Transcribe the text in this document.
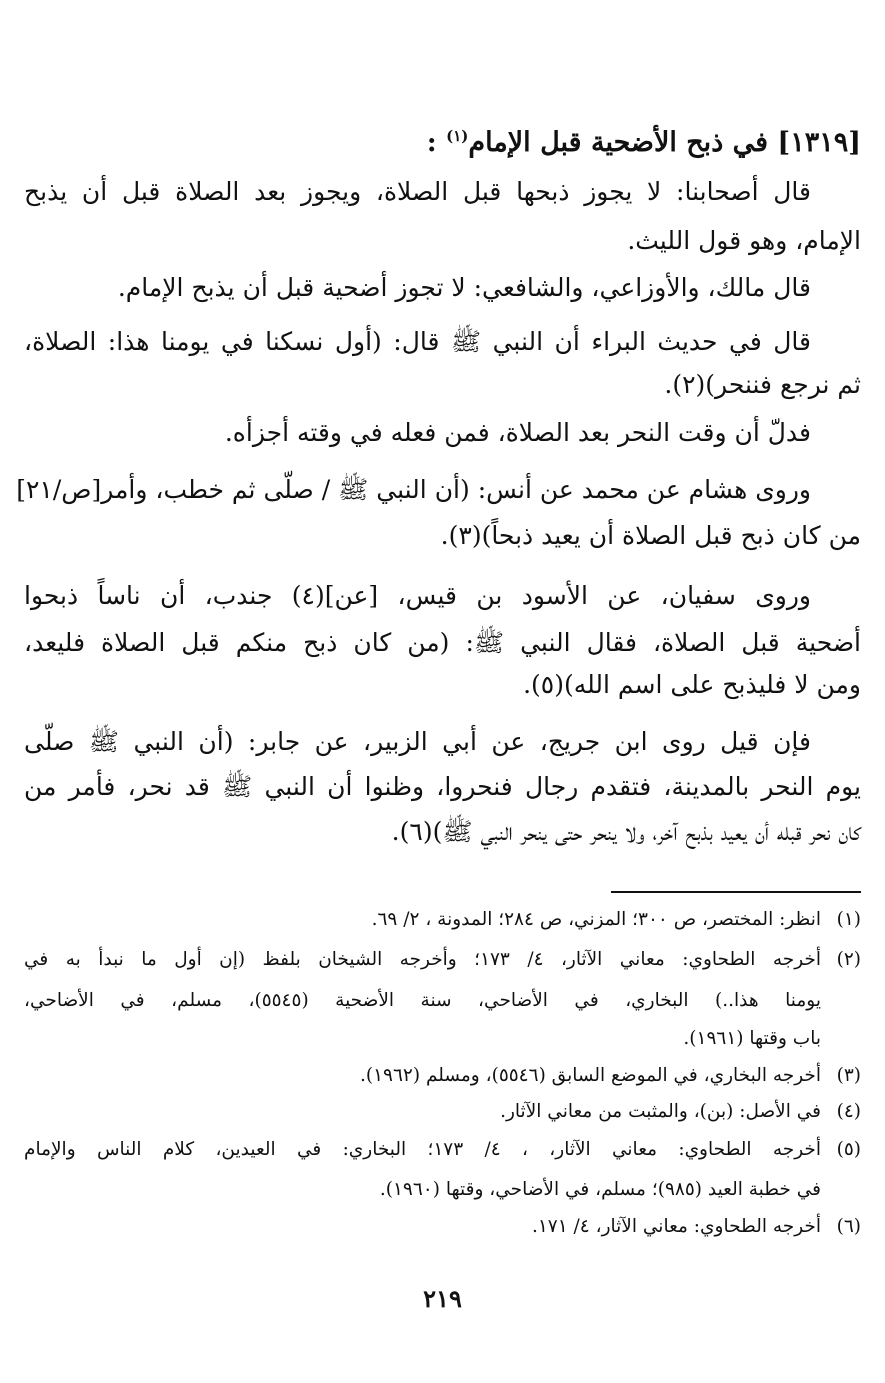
[١٣١٩] في ذبح الأضحية قبل الإمام$^{(١)}$ :
قال أصحابنا: لا يجوز ذبحها قبل الصلاة، ويجوز بعد الصلاة قبل أن يذبح
الإمام، وهو قول الليث.
قال مالك، والأوزاعي، والشافعي: لا تجوز أضحية قبل أن يذبح الإمام.
قال في حديث البراء أن النبي ﷺ قال: (أول نسكنا في يومنا هذا: الصلاة،
ثم نرجع فننحر)(٢).
فدلّ أن وقت النحر بعد الصلاة، فمن فعله في وقته أجزأه.
وروى هشام عن محمد عن أنس: (أن النبي ﷺ / صلّى ثم خطب، وأمر[ص/٢١]
من كان ذبح قبل الصلاة أن يعيد ذبحاً)(٣).
وروى سفيان، عن الأسود بن قيس، [عن](٤) جندب، أن ناساً ذبحوا
أضحية قبل الصلاة، فقال النبي ﷺ: (من كان ذبح منكم قبل الصلاة فليعد،
ومن لا فليذبح على اسم الله)(٥).
فإن قيل روى ابن جريج، عن أبي الزبير، عن جابر: (أن النبي ﷺ صلّى
يوم النحر بالمدينة، فتقدم رجال فنحروا، وظنوا أن النبي ﷺ قد نحر، فأمر من
كان نحر قبله أن يعيد بذبح آخر، ولا ينحر حتى ينحر النبي ﷺ)(٦).
(١)انظر: المختصر، ص ٣٠٠؛ المزني، ص ٢٨٤؛ المدونة ، ٢/ ٦٩.
(٢)أخرجه الطحاوي: معاني الآثار، ٤/ ١٧٣؛ وأخرجه الشيخان بلفظ (إن أول ما نبدأ به في
يومنا هذا..) البخاري، في الأضاحي، سنة الأضحية (٥٥٤٥)، مسلم، في الأضاحي،
باب وقتها (١٩٦١).
(٣)أخرجه البخاري، في الموضع السابق (٥٥٤٦)، ومسلم (١٩٦٢).
(٤)في الأصل: (بن)، والمثبت من معاني الآثار.
(٥)أخرجه الطحاوي: معاني الآثار، ، ٤/ ١٧٣؛ البخاري: في العيدين، كلام الناس والإمام
في خطبة العيد (٩٨٥)؛ مسلم، في الأضاحي، وقتها (١٩٦٠).
(٦)أخرجه الطحاوي: معاني الآثار، ٤/ ١٧١.
٢١٩
